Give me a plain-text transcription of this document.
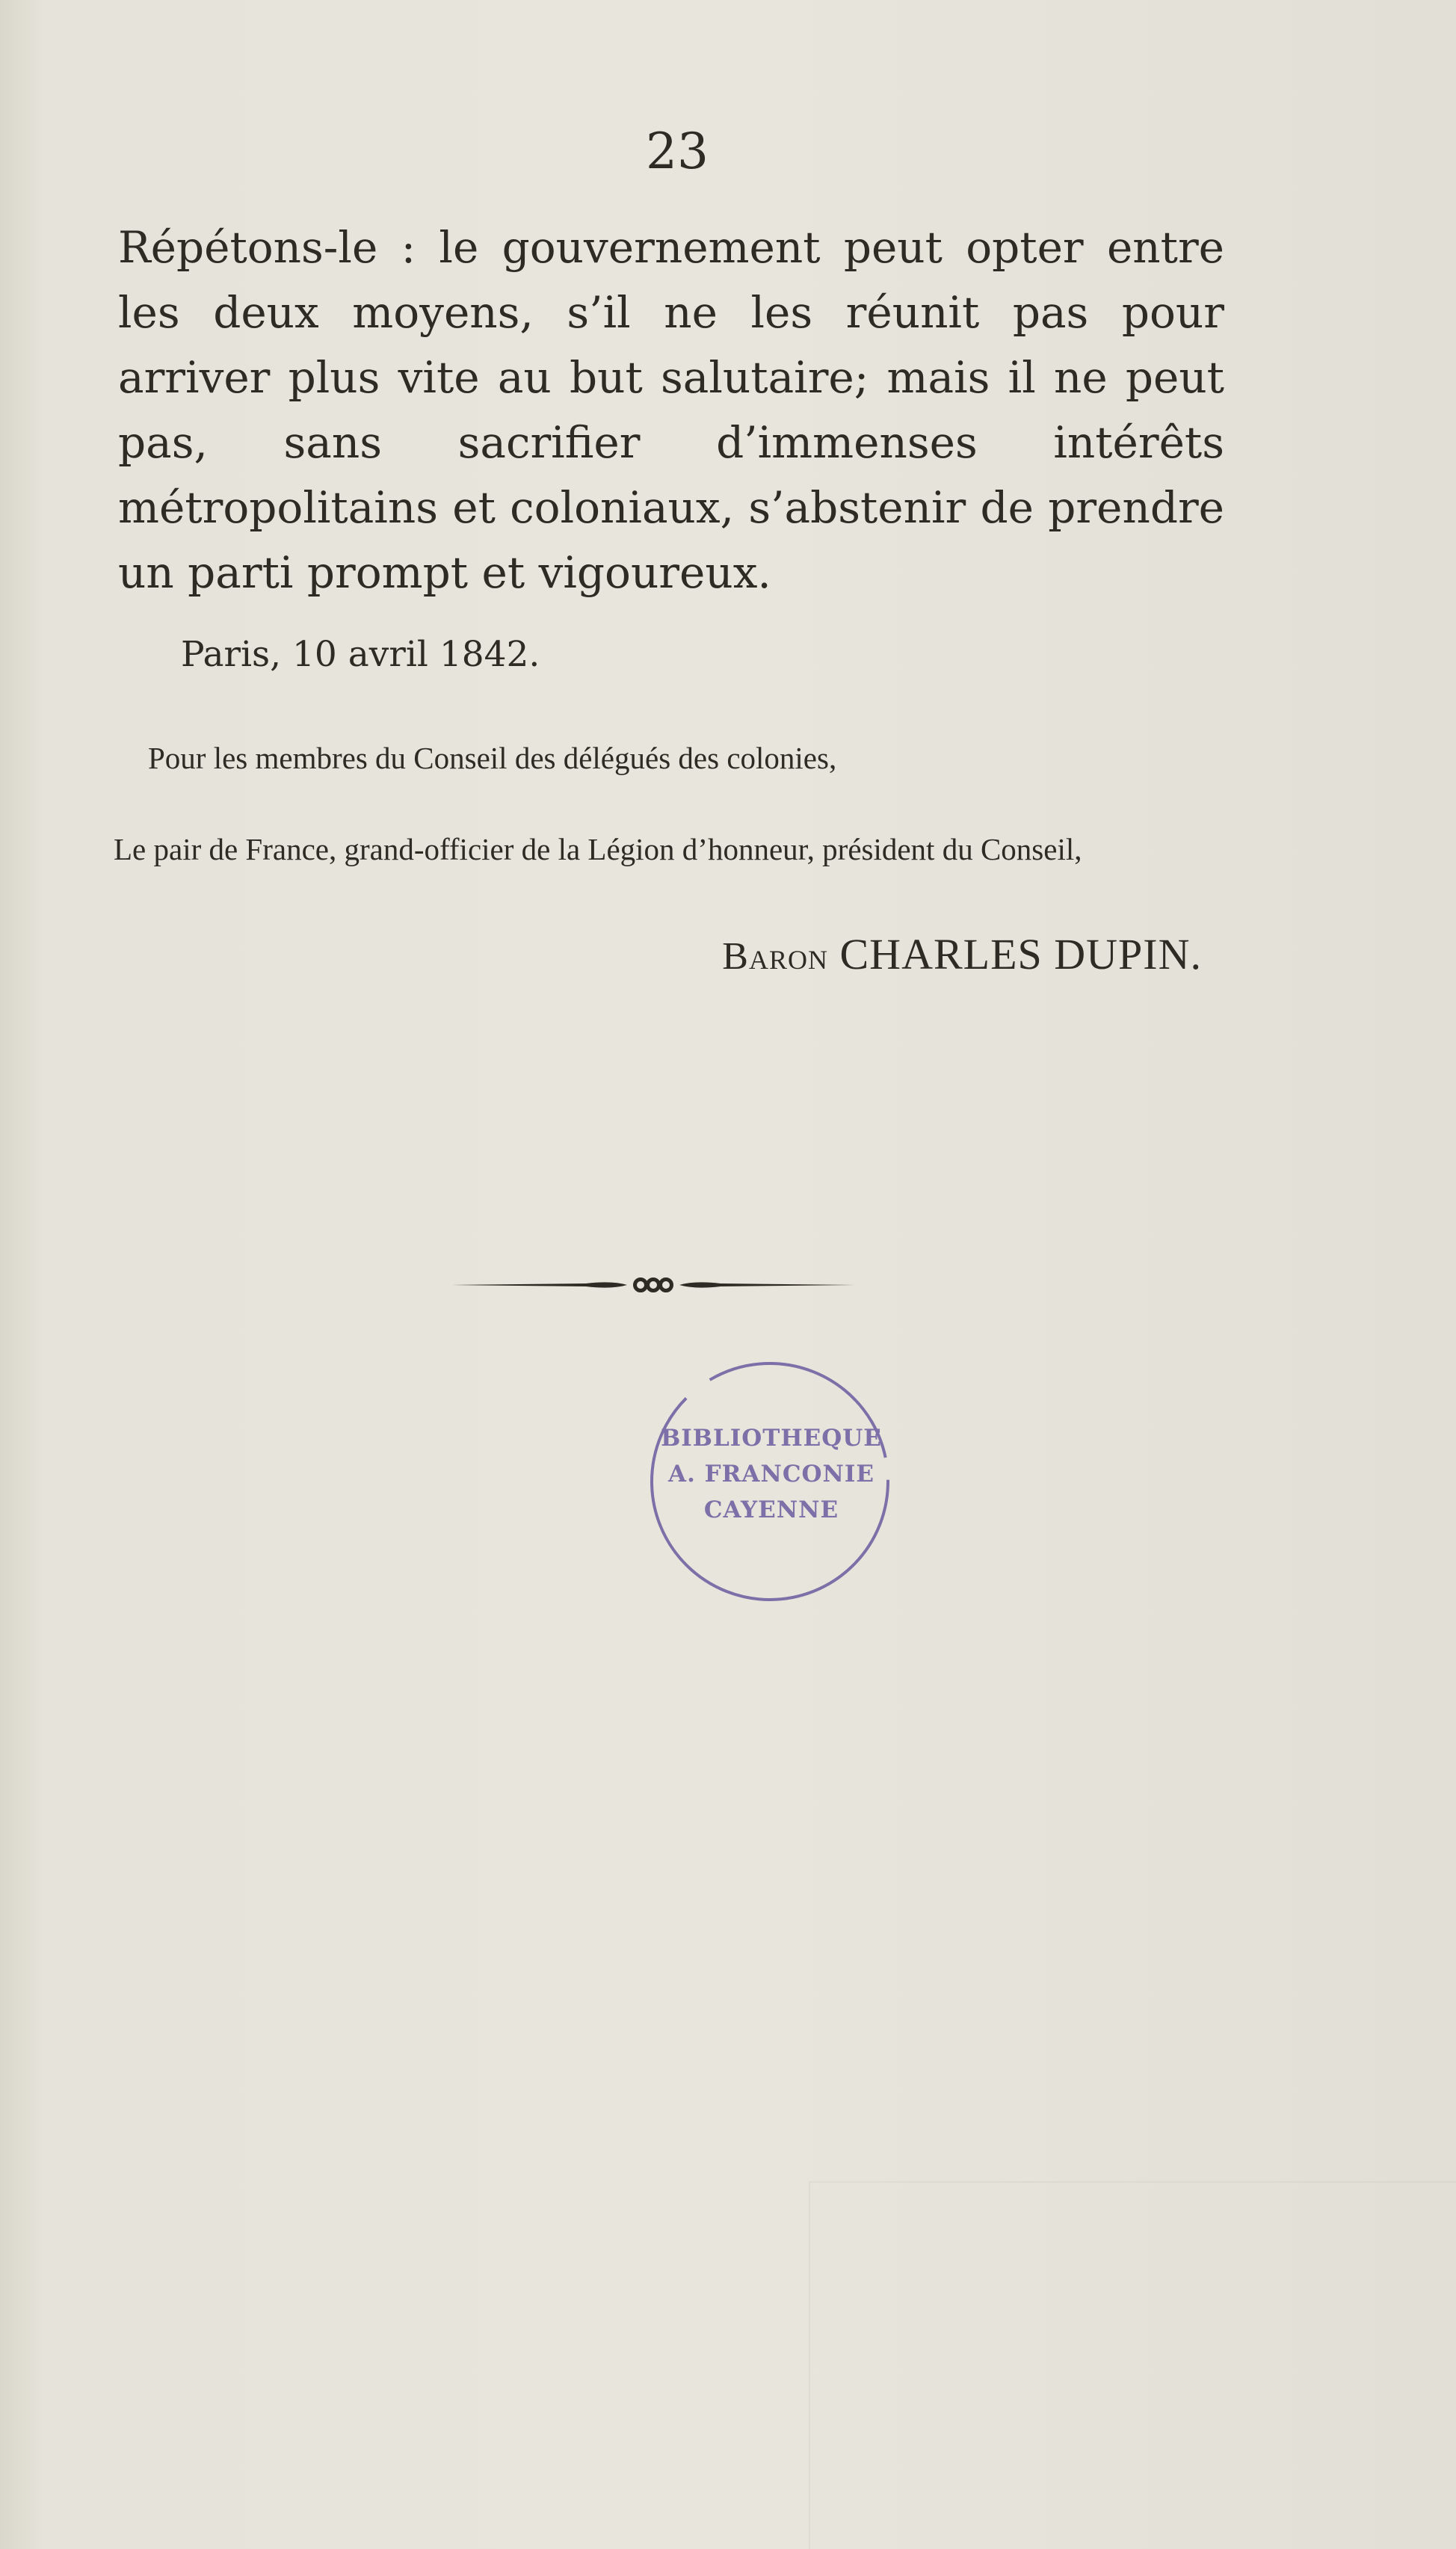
23

Répétons-le : le gouvernement peut opter entre les deux moyens, s’il ne les réunit pas pour arriver plus vite au but salutaire; mais il ne peut pas, sans sacrifier d’immenses intérêts métropolitains et coloniaux, s’abstenir de prendre un parti prompt et vigoureux.

Paris, 10 avril 1842.

Pour les membres du Conseil des délégués des colonies,

Le pair de France, grand-officier de la Légion d’honneur, président du Conseil,

Baron CHARLES DUPIN.

BIBLIOTHEQUE
A. FRANCONIE
CAYENNE
